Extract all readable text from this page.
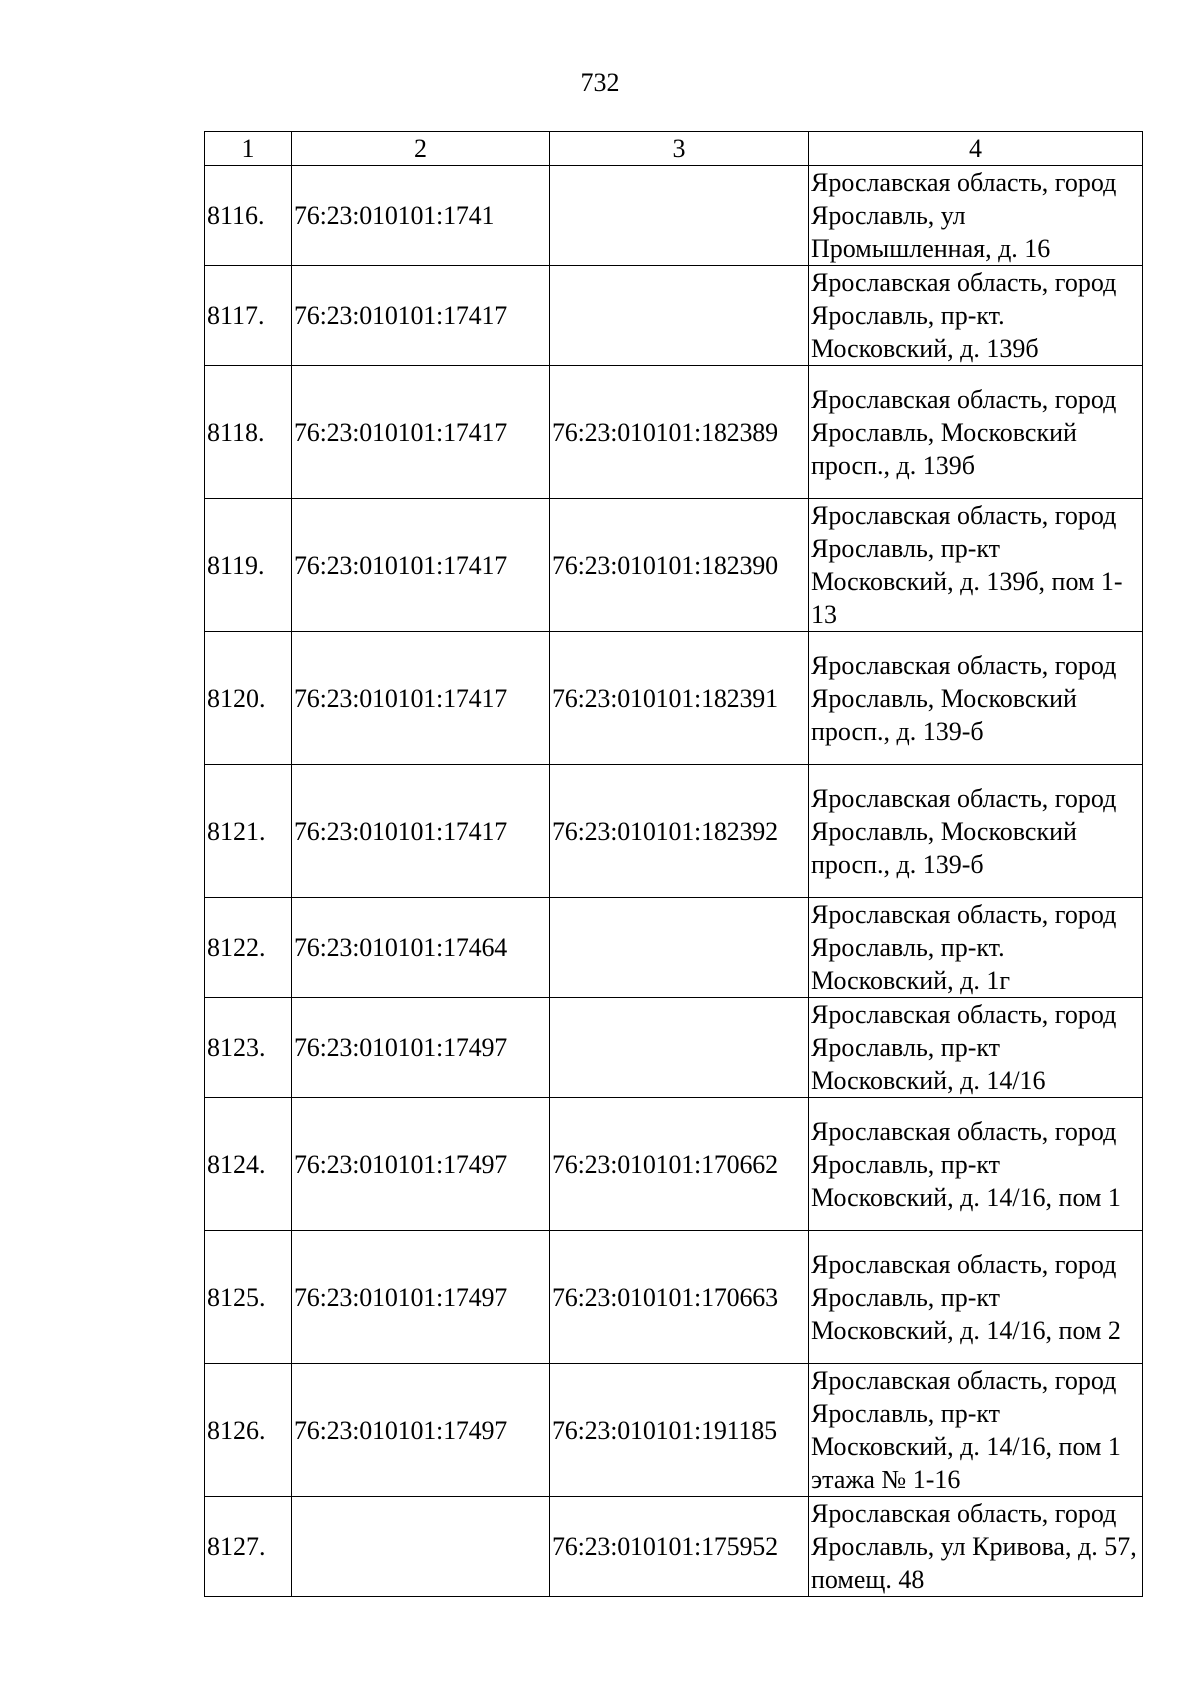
732
1	2	3	4
8116.	76:23:010101:1741		Ярославская область, город Ярославль, ул Промышленная, д. 16
8117.	76:23:010101:17417		Ярославская область, город Ярославль, пр-кт. Московский, д. 139б
8118.	76:23:010101:17417	76:23:010101:182389	Ярославская область, город Ярославль, Московский просп., д. 139б
8119.	76:23:010101:17417	76:23:010101:182390	Ярославская область, город Ярославль, пр-кт Московский, д. 139б, пом 1-13
8120.	76:23:010101:17417	76:23:010101:182391	Ярославская область, город Ярославль, Московский просп., д. 139-б
8121.	76:23:010101:17417	76:23:010101:182392	Ярославская область, город Ярославль, Московский просп., д. 139-б
8122.	76:23:010101:17464		Ярославская область, город Ярославль, пр-кт. Московский, д. 1г
8123.	76:23:010101:17497		Ярославская область, город Ярославль, пр-кт Московский, д. 14/16
8124.	76:23:010101:17497	76:23:010101:170662	Ярославская область, город Ярославль, пр-кт Московский, д. 14/16, пом 1
8125.	76:23:010101:17497	76:23:010101:170663	Ярославская область, город Ярославль, пр-кт Московский, д. 14/16, пом 2
8126.	76:23:010101:17497	76:23:010101:191185	Ярославская область, город Ярославль, пр-кт Московский, д. 14/16, пом 1 этажа № 1-16
8127.		76:23:010101:175952	Ярославская область, город Ярославль, ул Кривова, д. 57, помещ. 48
